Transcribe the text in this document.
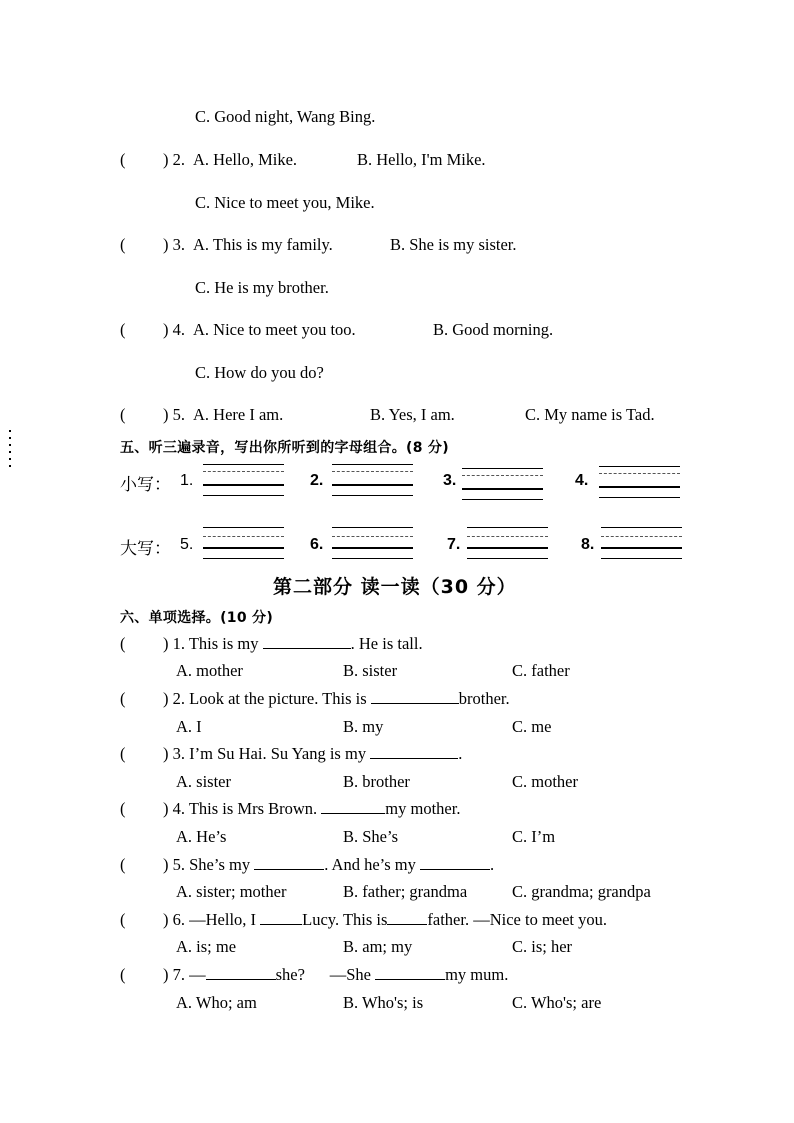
C. Good night, Wang Bing.
( ) 2. A. Hello, Mike.	B. Hello, I'm Mike.
C. Nice to meet you, Mike.
( ) 3. A. This is my family.	B. She is my sister.
C. He is my brother.
( ) 4. A. Nice to meet you too.	B. Good morning.
C. How do you do?
( ) 5. A. Here I am.	B. Yes, I am.	C. My name is Tad.
五、听三遍录音，写出你所听到的字母组合。(8 分)
小写： 1.	2.	3.	4.
大写： 5.	6.	7.	8.
第二部分 读一读（30 分）
六、单项选择。(10 分)
( ) 1. This is my	. He is tall.
A. mother	B. sister	C. father
( ) 2. Look at the picture. This is	brother.
A. I	B. my	C. me
( ) 3. I’m Su Hai. Su Yang is my	.
A. sister	B. brother	C. mother
( ) 4. This is Mrs Brown.	my mother.
A. He’s	B. She’s	C. I’m
( ) 5. She’s my	. And he’s my	.
A. sister; mother	B. father; grandma	C. grandma; grandpa
( ) 6. —Hello, I	Lucy. This is father. —Nice to meet you.
A. is; me	B. am; my	C. is; her
( ) 7. —	she?      —She	my mum.
A. Who; am	B. Who's; is	C. Who's; are
